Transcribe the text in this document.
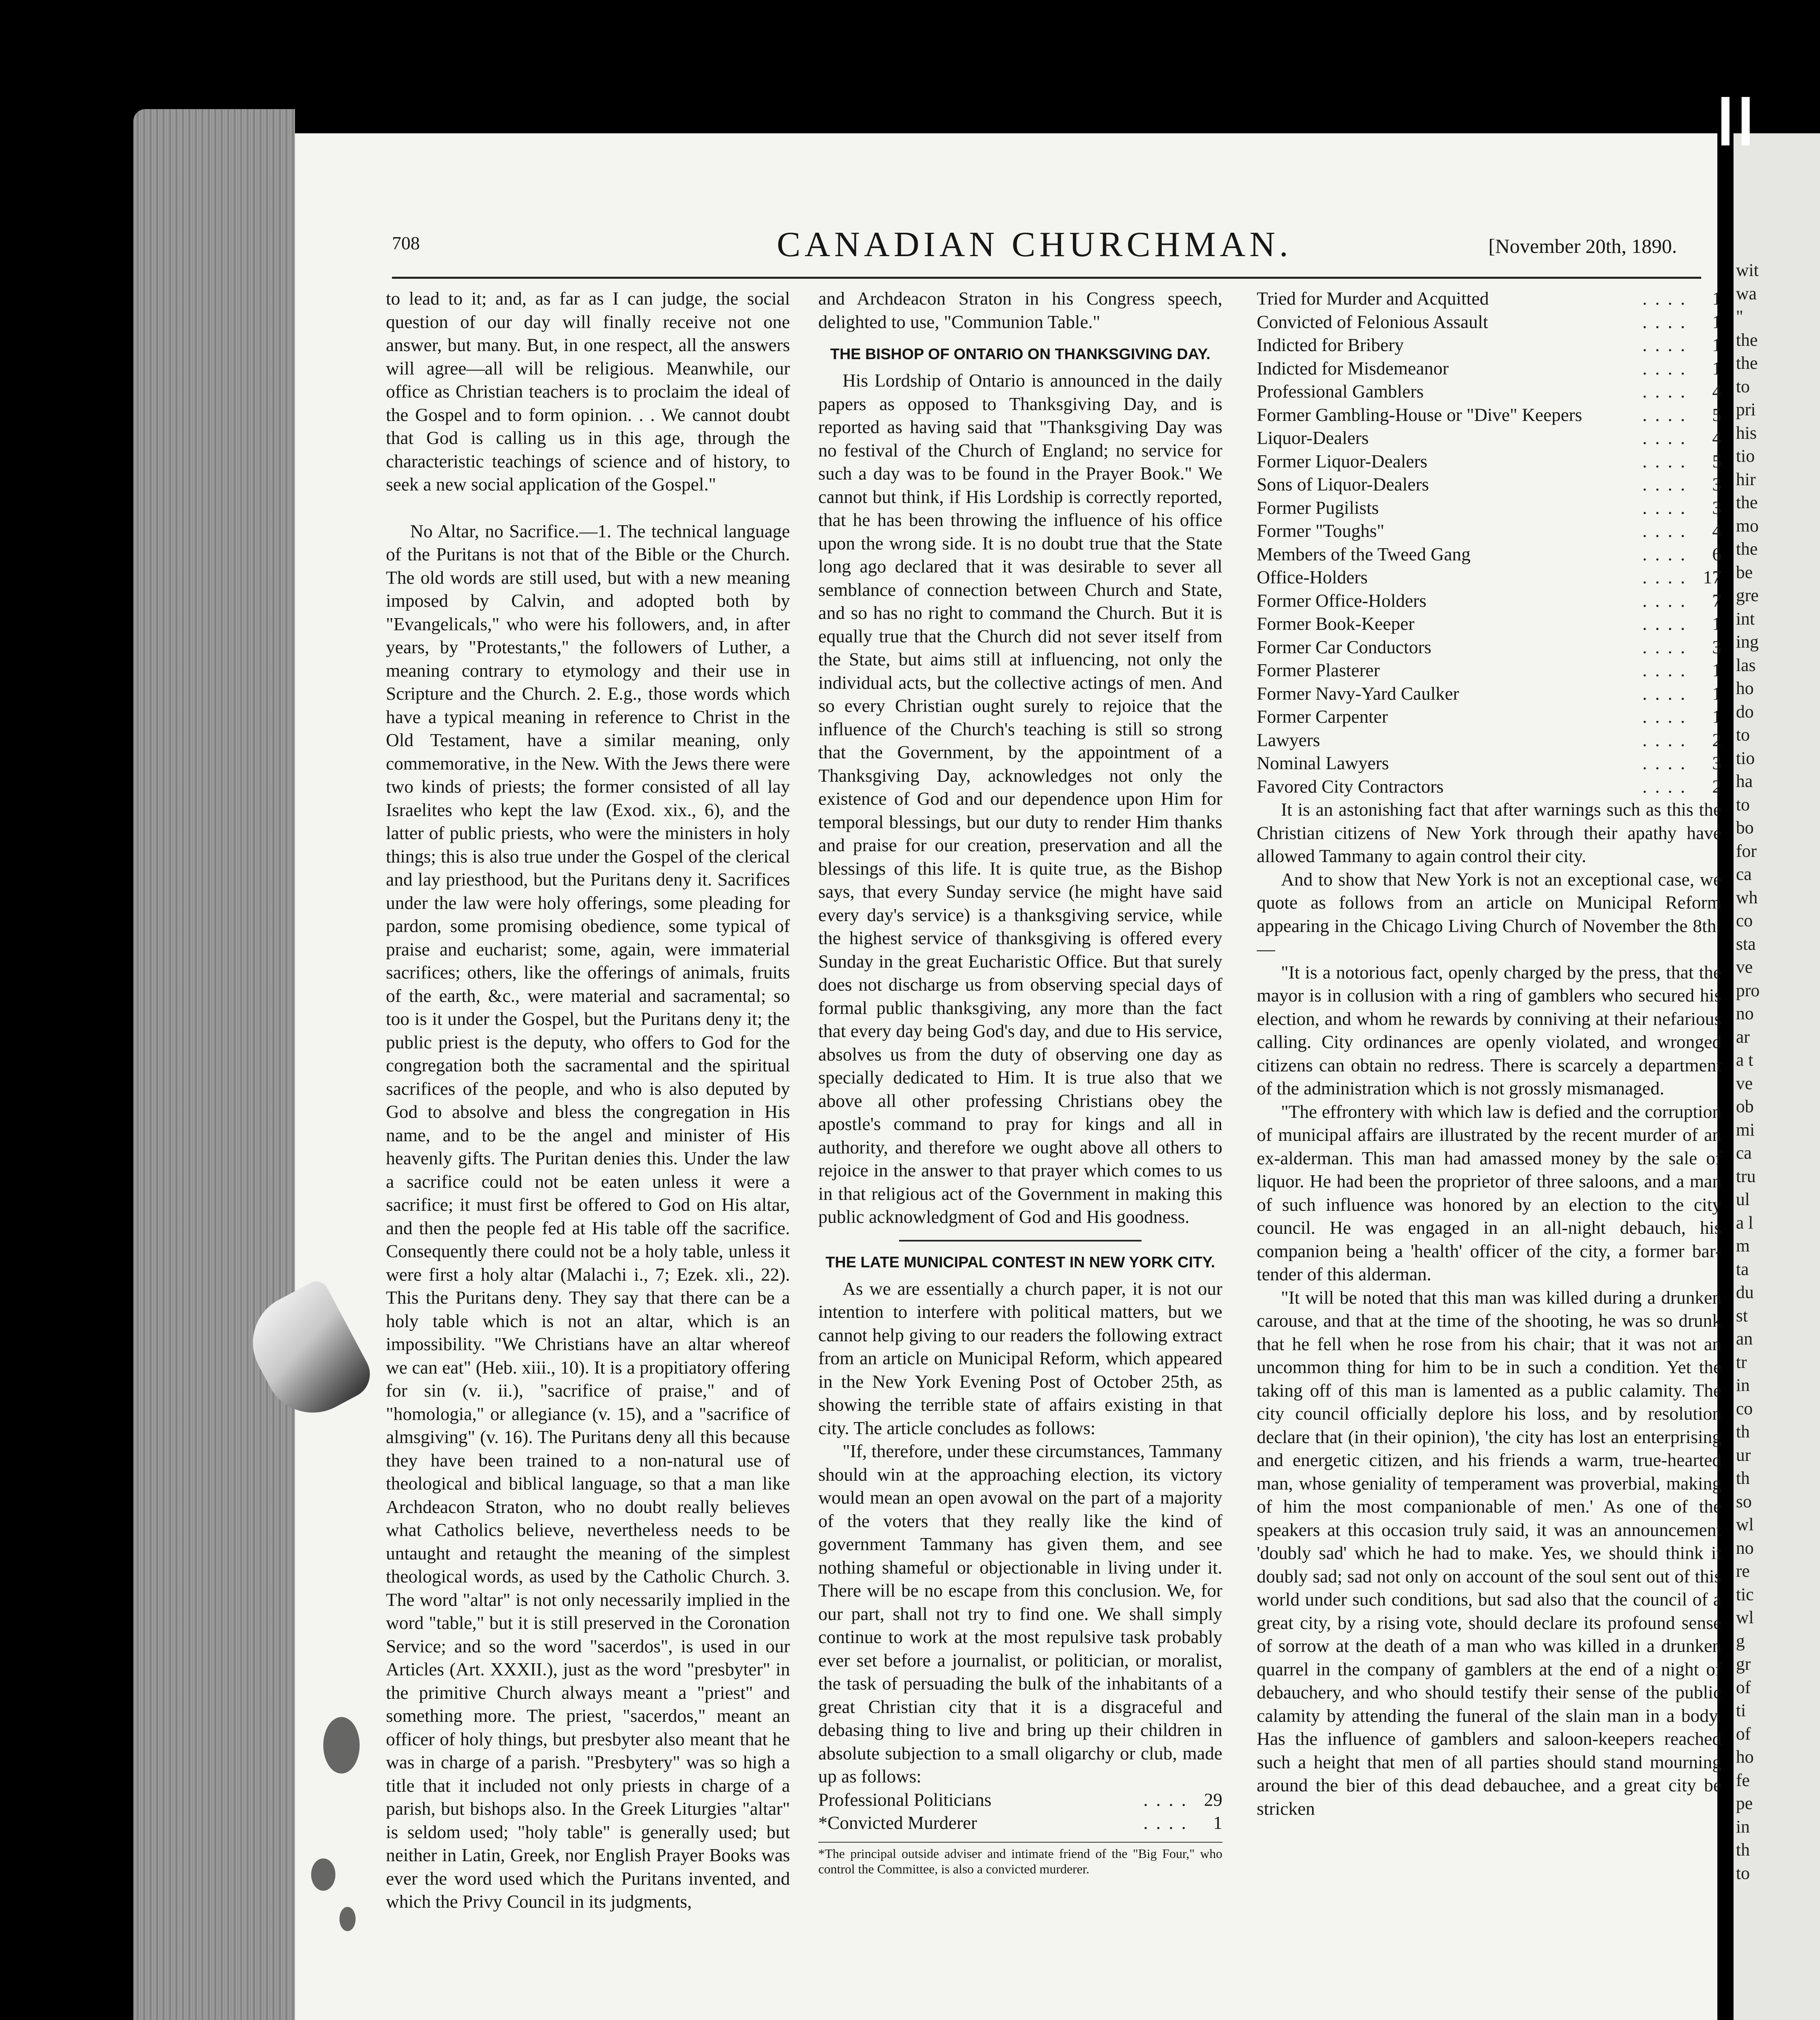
wit
wa
"
the
the
to
pri
his
tio
hir
the
mo
the
be
gre
int
ing
las
ho
do
to
tio
ha
to
bo
for
ca
wh
co
sta
ve
pro
no
ar
a t
ve
ob
mi
ca
tru
ul
a l
m
ta
du
st
an
tr
in
co
th
ur
th
so
wl
no
re
tic
wl
g
gr
of
ti
of
ho
fe
pe
in
th
to
708	CANADIAN CHURCHMAN.	[November 20th, 1890.

to lead to it; and, as far as I can judge, the social question of our day will finally receive not one answer, but many. But, in one respect, all the answers will agree—all will be religious. Meanwhile, our office as Christian teachers is to proclaim the ideal of the Gospel and to form opinion. . . We cannot doubt that God is calling us in this age, through the characteristic teachings of science and of history, to seek a new social application of the Gospel."

No Altar, no Sacrifice.—1. The technical language of the Puritans is not that of the Bible or the Church. The old words are still used, but with a new meaning imposed by Calvin, and adopted both by "Evangelicals," who were his followers, and, in after years, by "Protestants," the followers of Luther, a meaning contrary to etymology and their use in Scripture and the Church. 2. E.g., those words which have a typical meaning in reference to Christ in the Old Testament, have a similar meaning, only commemorative, in the New. With the Jews there were two kinds of priests; the former consisted of all lay Israelites who kept the law (Exod. xix., 6), and the latter of public priests, who were the ministers in holy things; this is also true under the Gospel of the clerical and lay priesthood, but the Puritans deny it. Sacrifices under the law were holy offerings, some pleading for pardon, some promising obedience, some typical of praise and eucharist; some, again, were immaterial sacrifices; others, like the offerings of animals, fruits of the earth, &c., were material and sacramental; so too is it under the Gospel, but the Puritans deny it; the public priest is the deputy, who offers to God for the congregation both the sacramental and the spiritual sacrifices of the people, and who is also deputed by God to absolve and bless the congregation in His name, and to be the angel and minister of His heavenly gifts. The Puritan denies this. Under the law a sacrifice could not be eaten unless it were a sacrifice; it must first be offered to God on His altar, and then the people fed at His table off the sacrifice. Consequently there could not be a holy table, unless it were first a holy altar (Malachi i., 7; Ezek. xli., 22). This the Puritans deny. They say that there can be a holy table which is not an altar, which is an impossibility. "We Christians have an altar whereof we can eat" (Heb. xiii., 10). It is a propitiatory offering for sin (v. ii.), "sacrifice of praise," and of "homologia," or allegiance (v. 15), and a "sacrifice of almsgiving" (v. 16). The Puritans deny all this because they have been trained to a non-natural use of theological and biblical language, so that a man like Archdeacon Straton, who no doubt really believes what Catholics believe, nevertheless needs to be untaught and retaught the meaning of the simplest theological words, as used by the Catholic Church. 3. The word "altar" is not only necessarily implied in the word "table," but it is still preserved in the Coronation Service; and so the word "sacerdos", is used in our Articles (Art. XXXII.), just as the word "presbyter" in the primitive Church always meant a "priest" and something more. The priest, "sacerdos," meant an officer of holy things, but presbyter also meant that he was in charge of a parish. "Presbytery" was so high a title that it included not only priests in charge of a parish, but bishops also. In the Greek Liturgies "altar" is seldom used; "holy table" is generally used; but neither in Latin, Greek, nor English Prayer Books was ever the word used which the Puritans invented, and which the Privy Council in its judgments,

and Archdeacon Straton in his Congress speech, delighted to use, "Communion Table."

THE BISHOP OF ONTARIO ON THANKSGIVING DAY.

His Lordship of Ontario is announced in the daily papers as opposed to Thanksgiving Day, and is reported as having said that "Thanksgiving Day was no festival of the Church of England; no service for such a day was to be found in the Prayer Book." We cannot but think, if His Lordship is correctly reported, that he has been throwing the influence of his office upon the wrong side. It is no doubt true that the State long ago declared that it was desirable to sever all semblance of connection between Church and State, and so has no right to command the Church. But it is equally true that the Church did not sever itself from the State, but aims still at influencing, not only the individual acts, but the collective actings of men. And so every Christian ought surely to rejoice that the influence of the Church's teaching is still so strong that the Government, by the appointment of a Thanksgiving Day, acknowledges not only the existence of God and our dependence upon Him for temporal blessings, but our duty to render Him thanks and praise for our creation, preservation and all the blessings of this life. It is quite true, as the Bishop says, that every Sunday service (he might have said every day's service) is a thanksgiving service, while the highest service of thanksgiving is offered every Sunday in the great Eucharistic Office. But that surely does not discharge us from observing special days of formal public thanksgiving, any more than the fact that every day being God's day, and due to His service, absolves us from the duty of observing one day as specially dedicated to Him. It is true also that we above all other professing Christians obey the apostle's command to pray for kings and all in authority, and therefore we ought above all others to rejoice in the answer to that prayer which comes to us in that religious act of the Government in making this public acknowledgment of God and His goodness.

THE LATE MUNICIPAL CONTEST IN NEW YORK CITY.

As we are essentially a church paper, it is not our intention to interfere with political matters, but we cannot help giving to our readers the following extract from an article on Municipal Reform, which appeared in the New York Evening Post of October 25th, as showing the terrible state of affairs existing in that city. The article concludes as follows:

"If, therefore, under these circumstances, Tammany should win at the approaching election, its victory would mean an open avowal on the part of a majority of the voters that they really like the kind of government Tammany has given them, and see nothing shameful or objectionable in living under it. There will be no escape from this conclusion. We, for our part, shall not try to find one. We shall simply continue to work at the most repulsive task probably ever set before a journalist, or politician, or moralist, the task of persuading the bulk of the inhabitants of a great Christian city that it is a disgraceful and debasing thing to live and bring up their children in absolute subjection to a small oligarchy or club, made up as follows:

Professional Politicians	....	29
*Convicted Murderer	....	1
*The principal outside adviser and intimate friend of the "Big Four," who control the Committee, is also a convicted murderer.
Tried for Murder and Acquitted	....	1
Convicted of Felonious Assault	....	1
Indicted for Bribery	....	1
Indicted for Misdemeanor	....	1
Professional Gamblers	....	4
Former Gambling-House or "Dive" Keepers	....	5
Liquor-Dealers	....	4
Former Liquor-Dealers	....	5
Sons of Liquor-Dealers	....	3
Former Pugilists	....	3
Former "Toughs"	....	4
Members of the Tweed Gang	....	6
Office-Holders	....	17
Former Office-Holders	....	7
Former Book-Keeper	....	1
Former Car Conductors	....	3
Former Plasterer	....	1
Former Navy-Yard Caulker	....	1
Former Carpenter	....	1
Lawyers	....	2
Nominal Lawyers	....	3
Favored City Contractors	....	2

It is an astonishing fact that after warnings such as this the Christian citizens of New York through their apathy have allowed Tammany to again control their city.

And to show that New York is not an exceptional case, we quote as follows from an article on Municipal Reform appearing in the Chicago Living Church of November the 8th:—

"It is a notorious fact, openly charged by the press, that the mayor is in collusion with a ring of gamblers who secured his election, and whom he rewards by conniving at their nefarious calling. City ordinances are openly violated, and wronged citizens can obtain no redress. There is scarcely a department of the administration which is not grossly mismanaged.

"The effrontery with which law is defied and the corruption of municipal affairs are illustrated by the recent murder of an ex-alderman. This man had amassed money by the sale of liquor. He had been the proprietor of three saloons, and a man of such influence was honored by an election to the city council. He was engaged in an all-night debauch, his companion being a 'health' officer of the city, a former bar-tender of this alderman.

"It will be noted that this man was killed during a drunken carouse, and that at the time of the shooting, he was so drunk that he fell when he rose from his chair; that it was not an uncommon thing for him to be in such a condition. Yet the taking off of this man is lamented as a public calamity. The city council officially deplore his loss, and by resolution declare that (in their opinion), 'the city has lost an enterprising and energetic citizen, and his friends a warm, true-hearted man, whose geniality of temperament was proverbial, making of him the most companionable of men.' As one of the speakers at this occasion truly said, it was an announcement 'doubly sad' which he had to make. Yes, we should think it doubly sad; sad not only on account of the soul sent out of this world under such conditions, but sad also that the council of a great city, by a rising vote, should declare its profound sense of sorrow at the death of a man who was killed in a drunken quarrel in the company of gamblers at the end of a night of debauchery, and who should testify their sense of the public calamity by attending the funeral of the slain man in a body. Has the influence of gamblers and saloon-keepers reached such a height that men of all parties should stand mourning around the bier of this dead debauchee, and a great city be stricken
